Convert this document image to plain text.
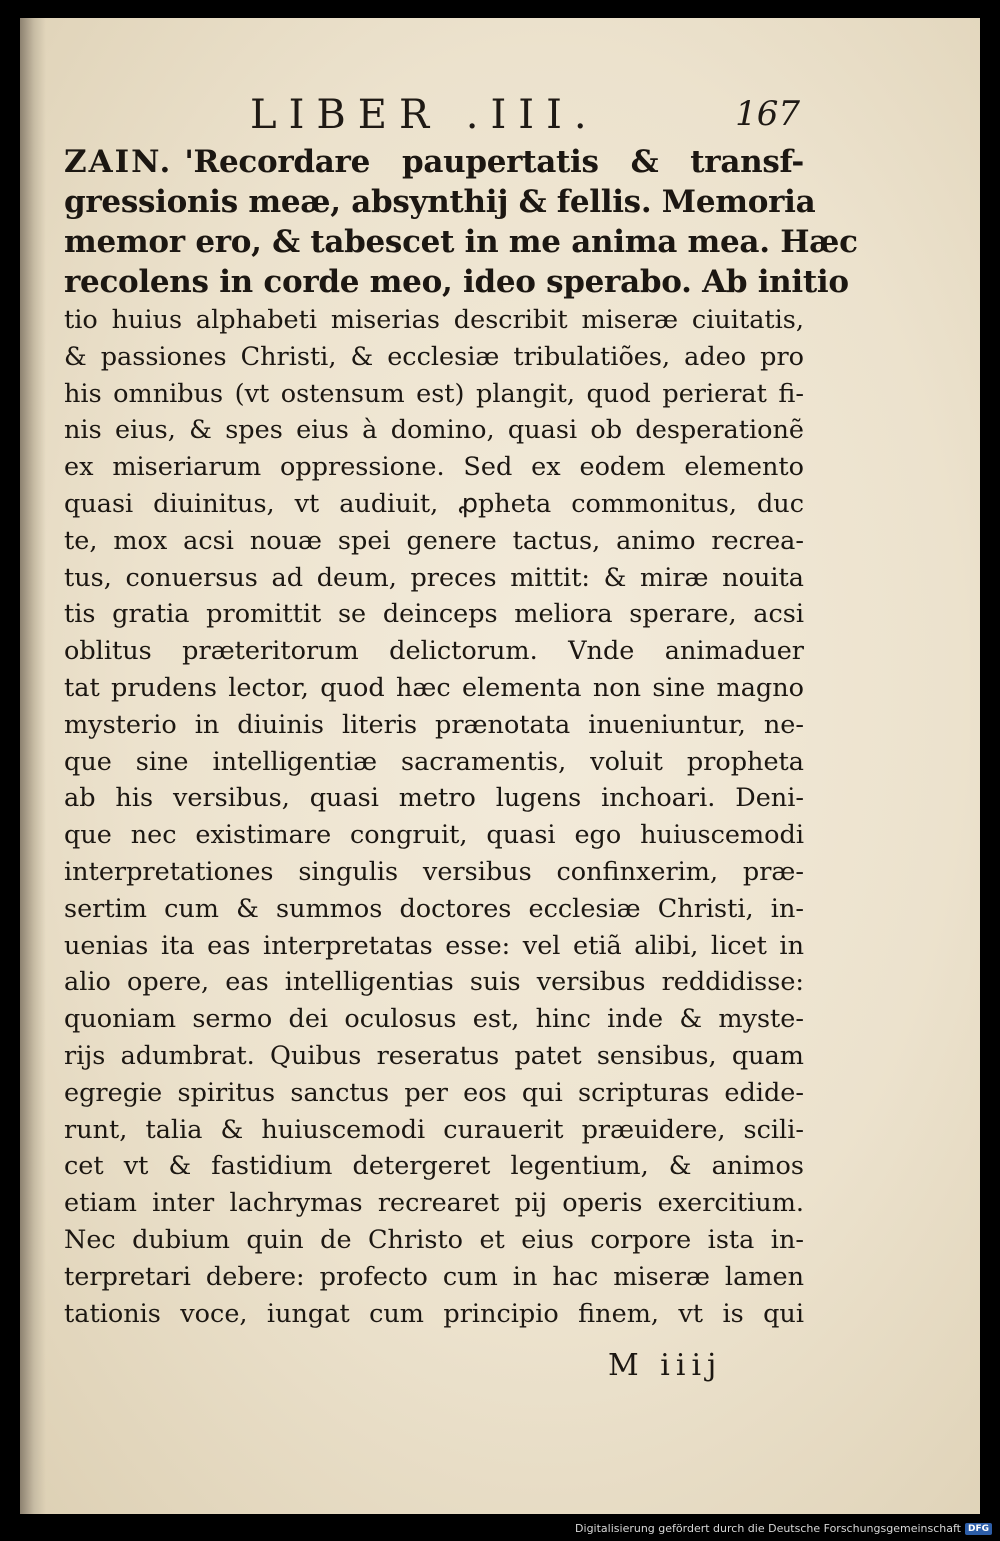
LIBER .III.	167
ZAIN. 'Recordare paupertatis & transf-
gressionis meæ, absynthij & fellis. Memoria
memor ero, & tabescet in me anima mea. Hæc
recolens in corde meo, ideo sperabo. Ab initio
tio huius alphabeti miserias describit miseræ ciuitatis,
& passiones Christi, & ecclesiæ tribulatiões, adeo pro
his omnibus (vt ostensum est) plangit, quod perierat fi-
nis eius, & spes eius à domino, quasi ob desperationẽ
ex miseriarum oppressione. Sed ex eodem elemento
quasi diuinitus, vt audiuit, ꝓpheta commonitus, duc
te, mox acsi nouæ spei genere tactus, animo recrea-
tus, conuersus ad deum, preces mittit: & miræ nouita
tis gratia promittit se deinceps meliora sperare, acsi
oblitus præteritorum delictorum. Vnde animaduer
tat prudens lector, quod hæc elementa non sine magno
mysterio in diuinis literis prænotata inueniuntur, ne-
que sine intelligentiæ sacramentis, voluit propheta
ab his versibus, quasi metro lugens inchoari. Deni-
que nec existimare congruit, quasi ego huiuscemodi
interpretationes singulis versibus confinxerim, præ-
sertim cum & summos doctores ecclesiæ Christi, in-
uenias ita eas interpretatas esse: vel etiã alibi, licet in
alio opere, eas intelligentias suis versibus reddidisse:
quoniam sermo dei oculosus est, hinc inde & myste-
rijs adumbrat. Quibus reseratus patet sensibus, quam
egregie spiritus sanctus per eos qui scripturas edide-
runt, talia & huiuscemodi curauerit præuidere, scili-
cet vt & fastidium detergeret legentium, & animos
etiam inter lachrymas recrearet pij operis exercitium.
Nec dubium quin de Christo et eius corpore ista in-
terpretari debere: profecto cum in hac miseræ lamen
tationis voce, iungat cum principio finem, vt is qui
M iiij
Digitalisierung gefördert durch die Deutsche Forschungsgemeinschaft DFG
